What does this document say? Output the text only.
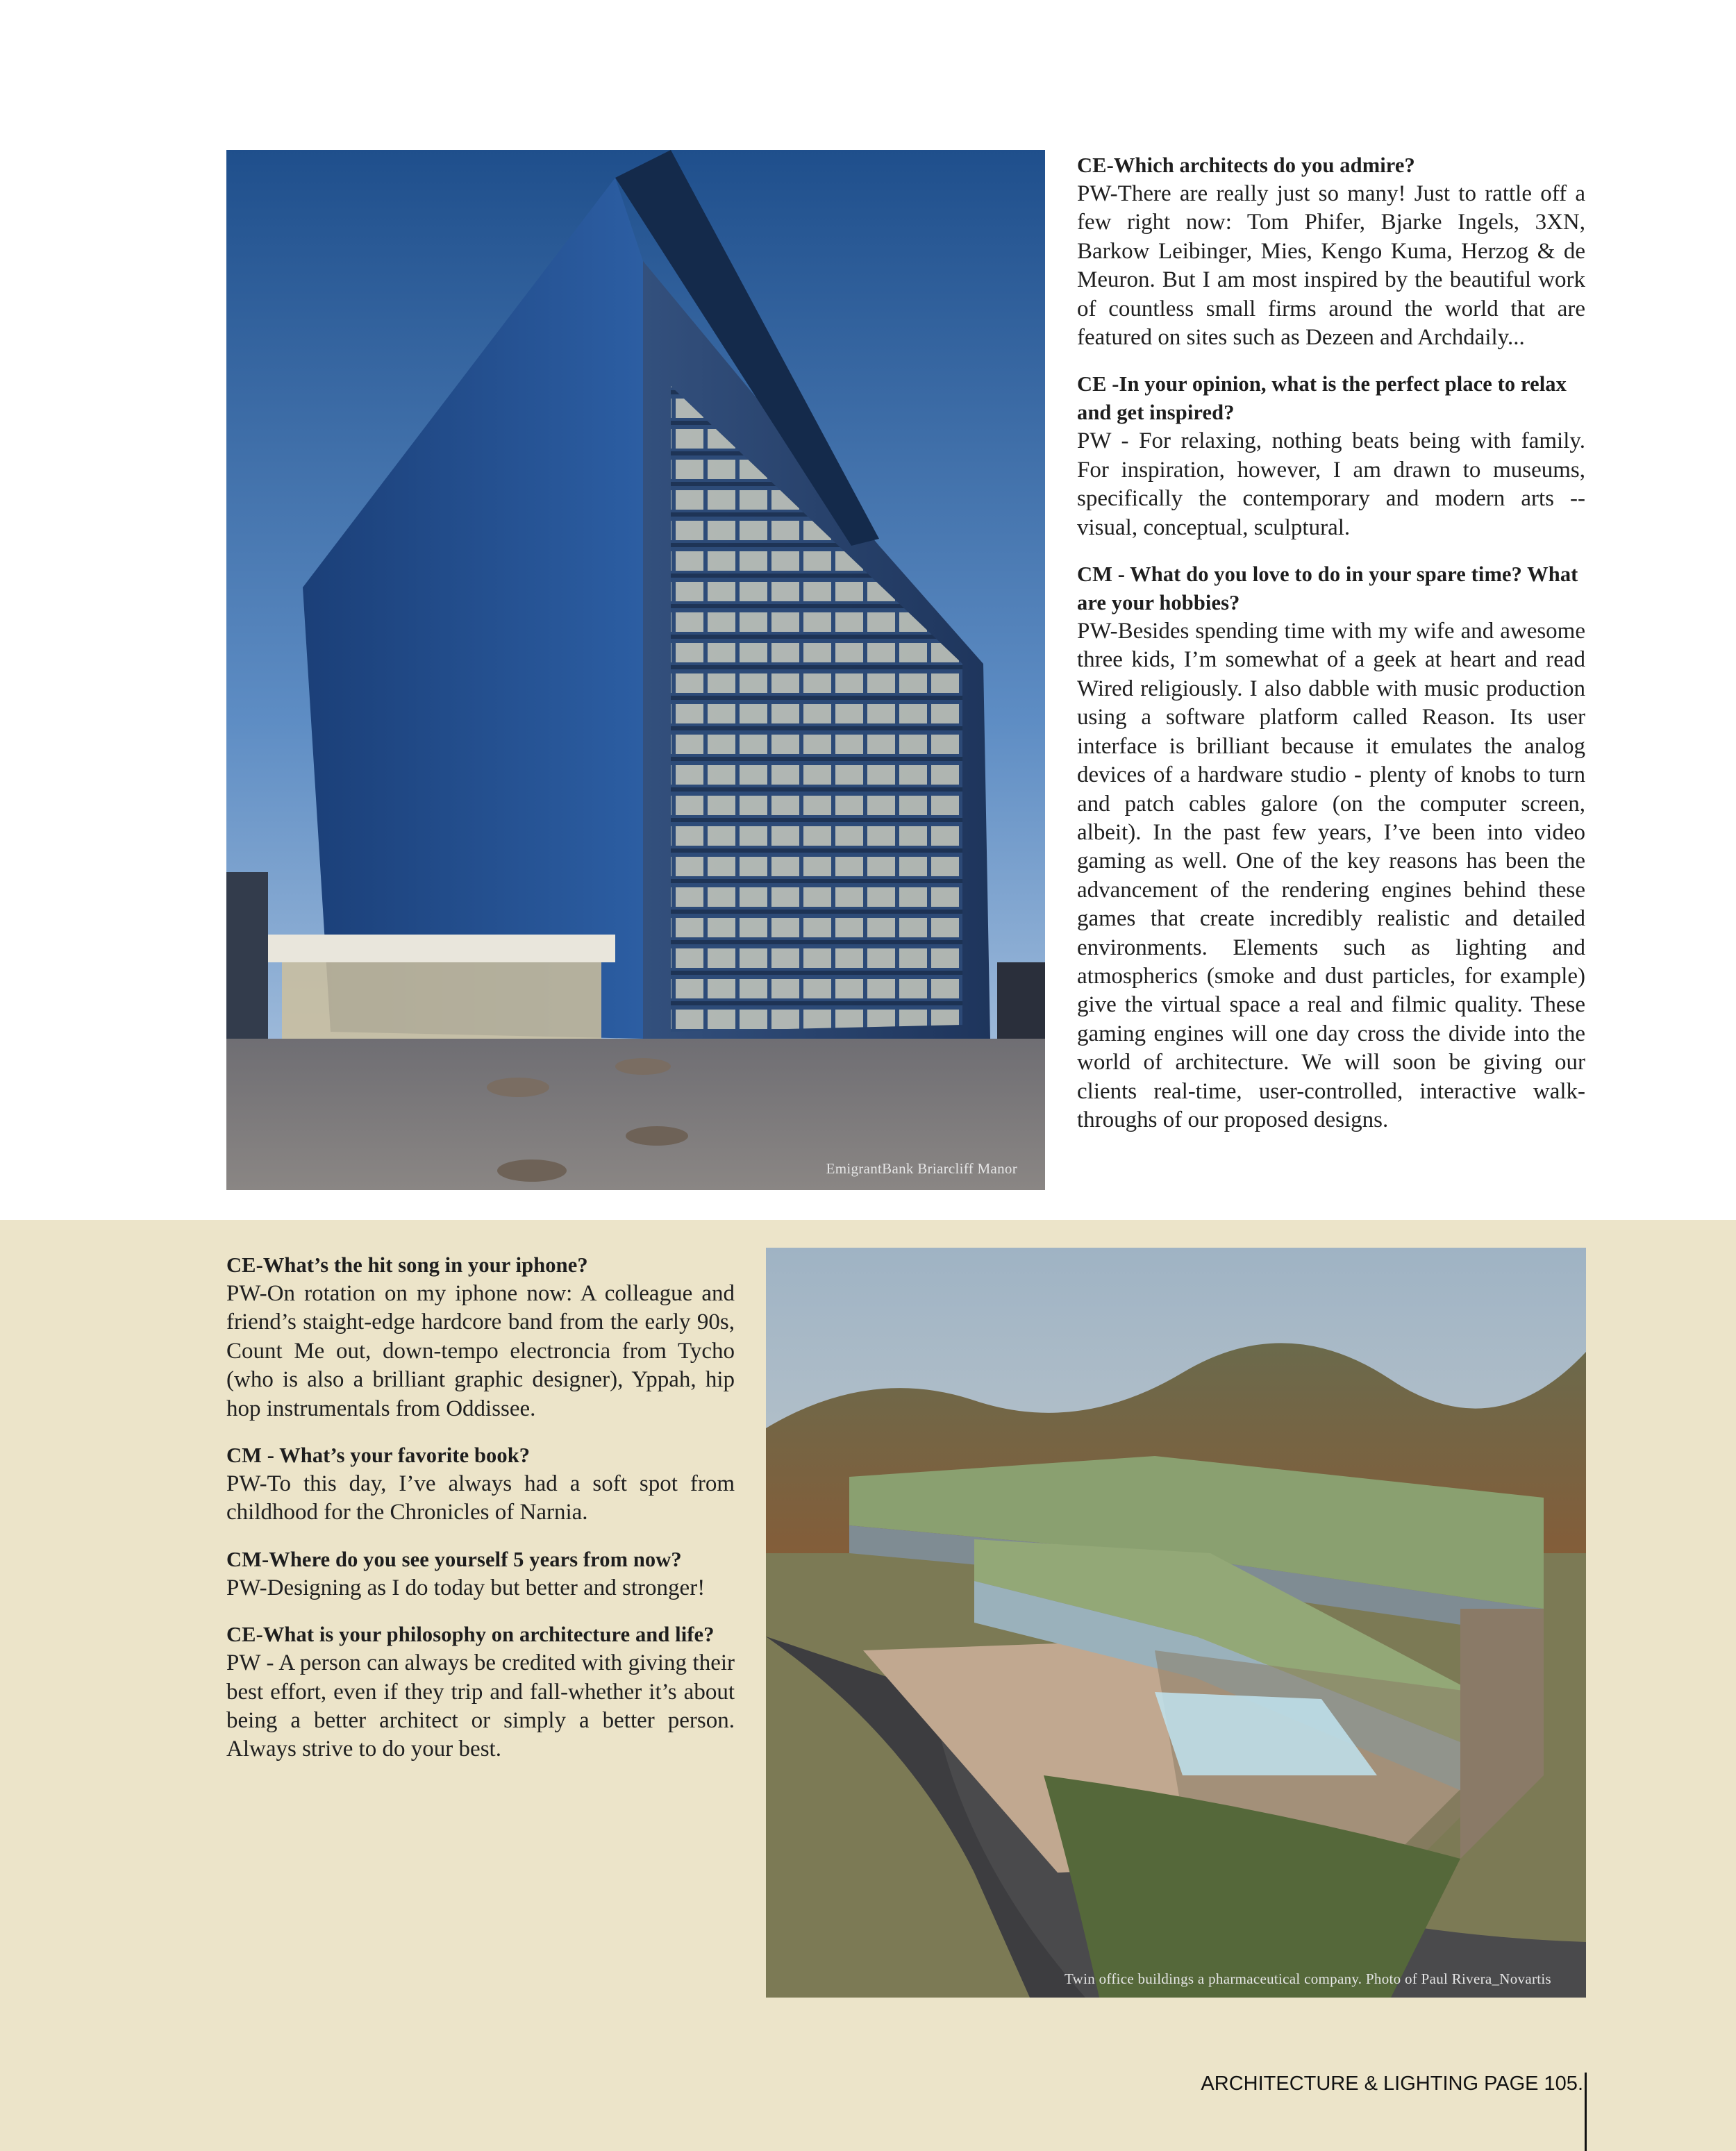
EmigrantBank Briarcliff Manor

CE-Which architects do you admire?

PW-There are really just so many! Just to rattle off a few right now: Tom Phifer, Bjarke Ingels, 3XN, Barkow Leibinger, Mies, Kengo Kuma, Herzog & de Meuron. But I am most inspired by the beautiful work of countless small firms around the world that are featured on sites such as Dezeen and Archdaily...

CE -In your opinion, what is the perfect place to relax and get inspired?

PW - For relaxing, nothing beats being with family. For inspiration, however, I am drawn to museums, specifically the contemporary and modern arts -- visual, conceptual, sculptural.

CM - What do you love to do in your spare time? What are your hobbies?

PW-Besides spending time with my wife and awesome three kids, I’m somewhat of a geek at heart and read Wired religiously. I also dabble with music production using a software platform called Reason. Its user interface is brilliant because it emulates the analog devices of a hardware studio - plenty of knobs to turn and patch cables galore (on the computer screen, albeit). In the past few years, I’ve been into video gaming as well. One of the key reasons has been the advancement of the rendering engines behind these games that create incredibly realistic and detailed environments. Elements such as lighting and atmospherics (smoke and dust particles, for example) give the virtual space a real and filmic quality. These gaming engines will one day cross the divide into the world of architecture. We will soon be giving our clients real-time, user-controlled, interactive walk-throughs of our proposed designs.

CE-What’s the hit song in your iphone?

PW-On rotation on my iphone now: A colleague and friend’s staight-edge hardcore band from the early 90s, Count Me out, down-tempo electroncia from Tycho (who is also a brilliant graphic designer), Yppah, hip hop instrumentals from Oddissee.

CM - What’s your favorite book?

PW-To this day, I’ve always had a soft spot from childhood for the Chronicles of Narnia.

CM-Where do you see yourself 5 years from now?

PW-Designing as I do today but better and stronger!

CE-What is your philosophy on architecture and life?

PW - A person can always be credited with giving their best effort, even if they trip and fall-whether it’s about being a better architect or simply a better person. Always strive to do your best.

Twin office buildings a pharmaceutical company. Photo of Paul Rivera_Novartis
ARCHITECTURE & LIGHTING PAGE 105.
